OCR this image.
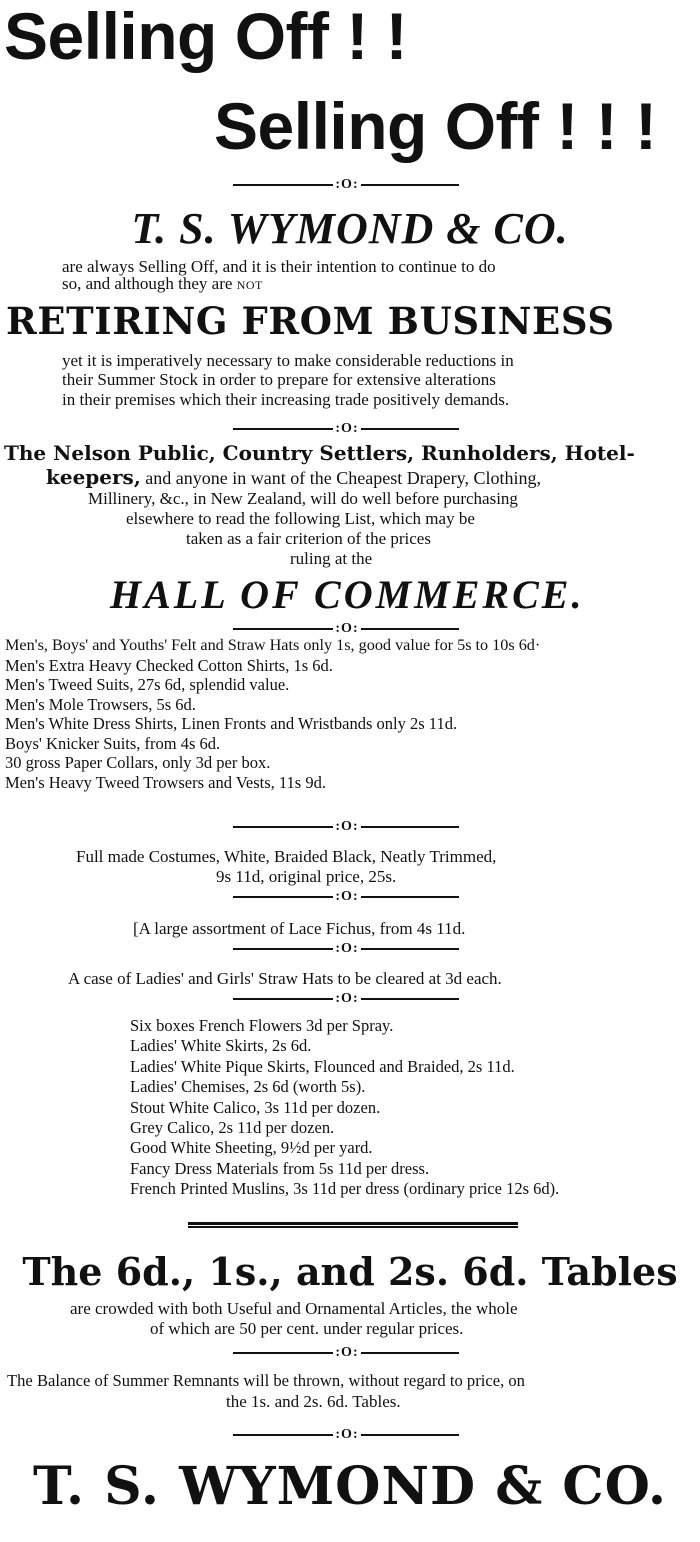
Selling Off ! !
Selling Off ! ! !
:O:
T. S. WYMOND & CO.
are always Selling Off, and it is their intention to continue to do
so, and although they are NOT
RETIRING FROM BUSINESS
yet it is imperatively necessary to make considerable reductions in
their Summer Stock in order to prepare for extensive alterations
in their premises which their increasing trade positively demands.
:O:
The Nelson Public, Country Settlers, Runholders, Hotel-
keepers, and anyone in want of the Cheapest Drapery, Clothing,
Millinery, &c., in New Zealand, will do well before purchasing
elsewhere to read the following List, which may be
taken as a fair criterion of the prices
ruling at the
HALL OF COMMERCE.
:O:
Men's, Boys' and Youths' Felt and Straw Hats only 1s, good value for 5s to 10s 6d·
Men's Extra Heavy Checked Cotton Shirts, 1s 6d.
Men's Tweed Suits, 27s 6d, splendid value.
Men's Mole Trowsers, 5s 6d.
Men's White Dress Shirts, Linen Fronts and Wristbands only 2s 11d.
Boys' Knicker Suits, from 4s 6d.
30 gross Paper Collars, only 3d per box.
Men's Heavy Tweed Trowsers and Vests, 11s 9d.
:O:
Full made Costumes, White, Braided Black, Neatly Trimmed,
9s 11d, original price, 25s.
:O:
[A large assortment of Lace Fichus, from 4s 11d.
:O:
A case of Ladies' and Girls' Straw Hats to be cleared at 3d each.
:O:
Six boxes French Flowers 3d per Spray.
Ladies' White Skirts, 2s 6d.
Ladies' White Pique Skirts, Flounced and Braided, 2s 11d.
Ladies' Chemises, 2s 6d (worth 5s).
Stout White Calico, 3s 11d per dozen.
Grey Calico, 2s 11d per dozen.
Good White Sheeting, 9½d per yard.
Fancy Dress Materials from 5s 11d per dress.
French Printed Muslins, 3s 11d per dress (ordinary price 12s 6d).
The 6d., 1s., and 2s. 6d. Tables
are crowded with both Useful and Ornamental Articles, the whole
of which are 50 per cent. under regular prices.
:O:
The Balance of Summer Remnants will be thrown, without regard to price, on
the 1s. and 2s. 6d. Tables.
:O:
T. S. WYMOND & CO.
